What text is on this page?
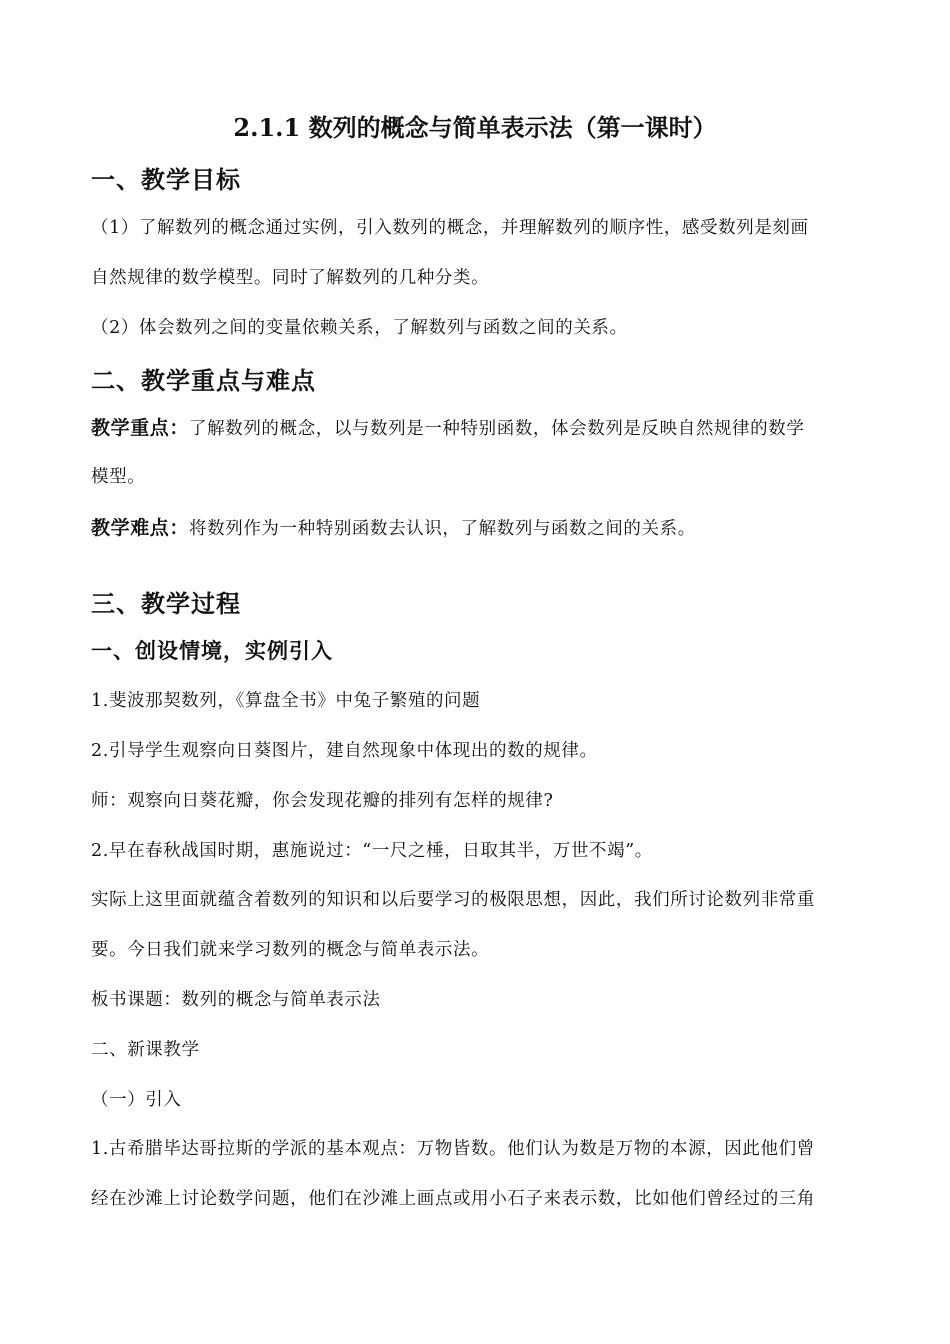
2.1.1 数列的概念与简单表示法（第一课时）
一、教学目标
（1）了解数列的概念通过实例，引入数列的概念，并理解数列的顺序性，感受数列是刻画
自然规律的数学模型。同时了解数列的几种分类。
（2）体会数列之间的变量依赖关系，了解数列与函数之间的关系。
二、教学重点与难点
教学重点：了解数列的概念，以与数列是一种特别函数，体会数列是反映自然规律的数学
模型。
教学难点：将数列作为一种特别函数去认识，了解数列与函数之间的关系。
三、教学过程
一、创设情境，实例引入
1.斐波那契数列，《算盘全书》中兔子繁殖的问题
2.引导学生观察向日葵图片，建自然现象中体现出的数的规律。
师：观察向日葵花瓣，你会发现花瓣的排列有怎样的规律?
2.早在春秋战国时期，惠施说过：“一尺之棰，日取其半，万世不竭”。
实际上这里面就蕴含着数列的知识和以后要学习的极限思想，因此，我们所讨论数列非常重
要。今日我们就来学习数列的概念与简单表示法。
板书课题：数列的概念与简单表示法
二、新课教学
（一）引入
1.古希腊毕达哥拉斯的学派的基本观点：万物皆数。他们认为数是万物的本源，因此他们曾
经在沙滩上讨论数学问题，他们在沙滩上画点或用小石子来表示数，比如他们曾经过的三角
